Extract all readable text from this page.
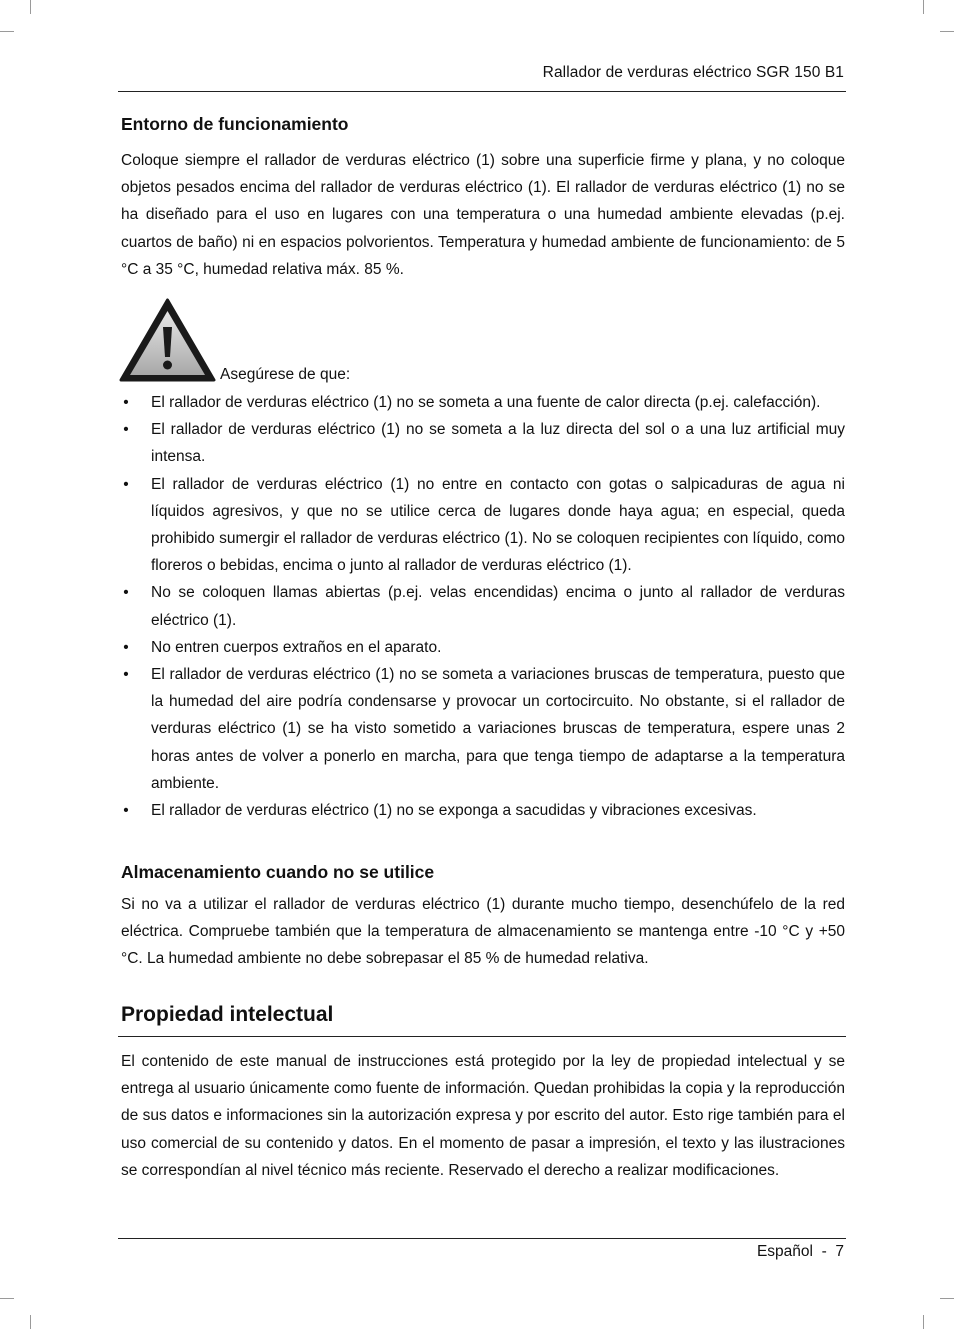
Rallador de verduras eléctrico SGR 150 B1
Entorno de funcionamiento

Coloque siempre el rallador de verduras eléctrico (1) sobre una superficie firme y plana, y no coloque objetos pesados encima del rallador de verduras eléctrico (1). El rallador de verduras eléctrico (1) no se ha diseñado para el uso en lugares con una temperatura o una humedad ambiente elevadas (p.ej. cuartos de baño) ni en espacios polvorientos. Temperatura y humedad ambiente de funcionamiento: de 5 °C a 35 °C, humedad relativa máx. 85 %.

Asegúrese de que:
• El rallador de verduras eléctrico (1) no se someta a una fuente de calor directa (p.ej. calefacción).
• El rallador de verduras eléctrico (1) no se someta a la luz directa del sol o a una luz artificial muy intensa.
• El rallador de verduras eléctrico (1) no entre en contacto con gotas o salpicaduras de agua ni líquidos agresivos, y que no se utilice cerca de lugares donde haya agua; en especial, queda prohibido sumergir el rallador de verduras eléctrico (1). No se coloquen recipientes con líquido, como floreros o bebidas, encima o junto al rallador de verduras eléctrico (1).
• No se coloquen llamas abiertas (p.ej. velas encendidas) encima o junto al rallador de verduras eléctrico (1).
• No entren cuerpos extraños en el aparato.
• El rallador de verduras eléctrico (1) no se someta a variaciones bruscas de temperatura, puesto que la humedad del aire podría condensarse y provocar un cortocircuito. No obstante, si el rallador de verduras eléctrico (1) se ha visto sometido a variaciones bruscas de temperatura, espere unas 2 horas antes de volver a ponerlo en marcha, para que tenga tiempo de adaptarse a la temperatura ambiente.
• El rallador de verduras eléctrico (1) no se exponga a sacudidas y vibraciones excesivas.
Almacenamiento cuando no se utilice

Si no va a utilizar el rallador de verduras eléctrico (1) durante mucho tiempo, desenchúfelo de la red eléctrica. Compruebe también que la temperatura de almacenamiento se mantenga entre -10 °C y +50 °C. La humedad ambiente no debe sobrepasar el 85 % de humedad relativa.

Propiedad intelectual

El contenido de este manual de instrucciones está protegido por la ley de propiedad intelectual y se entrega al usuario únicamente como fuente de información. Quedan prohibidas la copia y la reproducción de sus datos e informaciones sin la autorización expresa y por escrito del autor. Esto rige también para el uso comercial de su contenido y datos. En el momento de pasar a impresión, el texto y las ilustraciones se correspondían al nivel técnico más reciente. Reservado el derecho a realizar modificaciones.

Español  -  7
